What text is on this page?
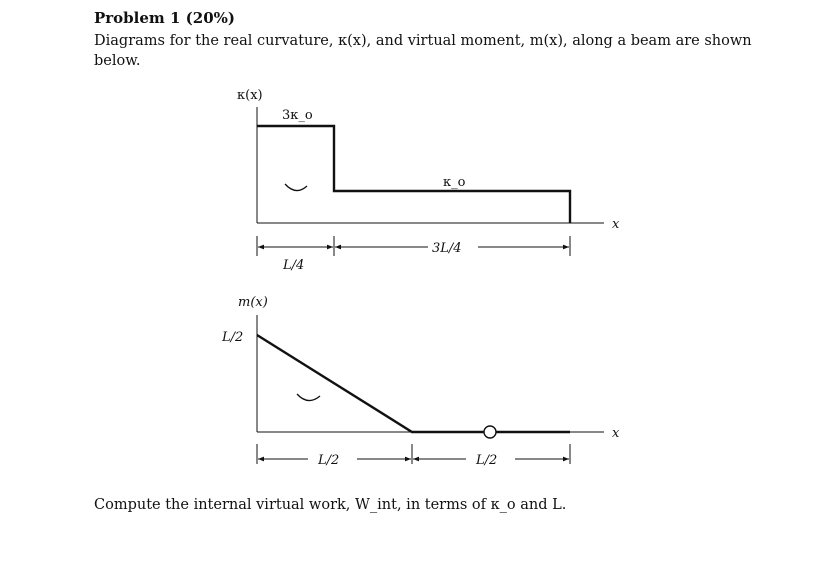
Problem 1 (20%)
Diagrams for the real curvature, κ(x), and virtual moment, m(x), along a beam are shown below.
κ(x)
x
3κ_o
κ_o
L/4
3L/4
m(x)
L/2
x
L/2	L/2
Compute the internal virtual work, W_int, in terms of κ_o and L.
